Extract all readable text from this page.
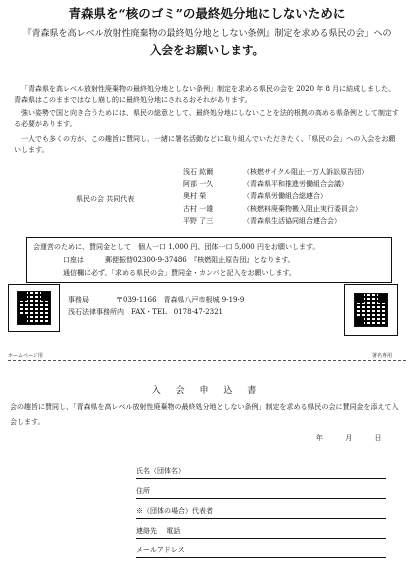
青森県を“核のゴミ”の最終処分地にしないために
『青森県を高レベル放射性廃棄物の最終処分地としない条例』制定を求める県民の会」への
入会をお願いします。
「青森県を高レベル放射性廃棄物の最終処分地としない条例」制定を求める県民の会を 2020 年 8 月に結成しました。青森県はこのままではなし崩し的に最終処分地にされるおそれがあります。
強い姿勢で国と向き合うためには、県民の総意として、最終処分地にしないことを法的根拠の高める県条例として制定する必要があります。
一人でも多くの方が、この趣旨に賛同し、一緒に署名活動などに取り組んでいただきたく、「県民の会」への入会をお願いします。
県民の会 共同代表
浅石 紘爾
阿部 一久
奥村 榮
古村 一雄
平野 了三
（核燃サイクル阻止一万人訴訟原告団）
（青森県平和推進労働組合会議）
（青森県労働組合総連合）
（核燃料廃棄物搬入阻止実行委員会）
（青森県生活協同組合連合会）
会運営のために、賛同金として　個人一口 1,000 円、団体一口 5,000 円をお願いします。
口座は　　　郵便振替02300-9-37486　『核燃阻止原告団』となります。
通信欄に必ず、「求める県民の会」賛同金・カンパと記入をお願いします。
事務局	〒039-1166　青森県八戸市根城 9-19-9
浅石法律事務所内　FAX・TEL　0178-47-2321
ホームページ用	署名専用
入 会 申 込 書
会の趣旨に賛同し、「青森県を高レベル放射性廃棄物の最終処分地としない条例」制定を求める県民の会に賛同金を添えて入会します。
年 月 日
氏名（団体名）
住所
※（団体の場合）代表者
連絡先　 電話
メールアドレス
